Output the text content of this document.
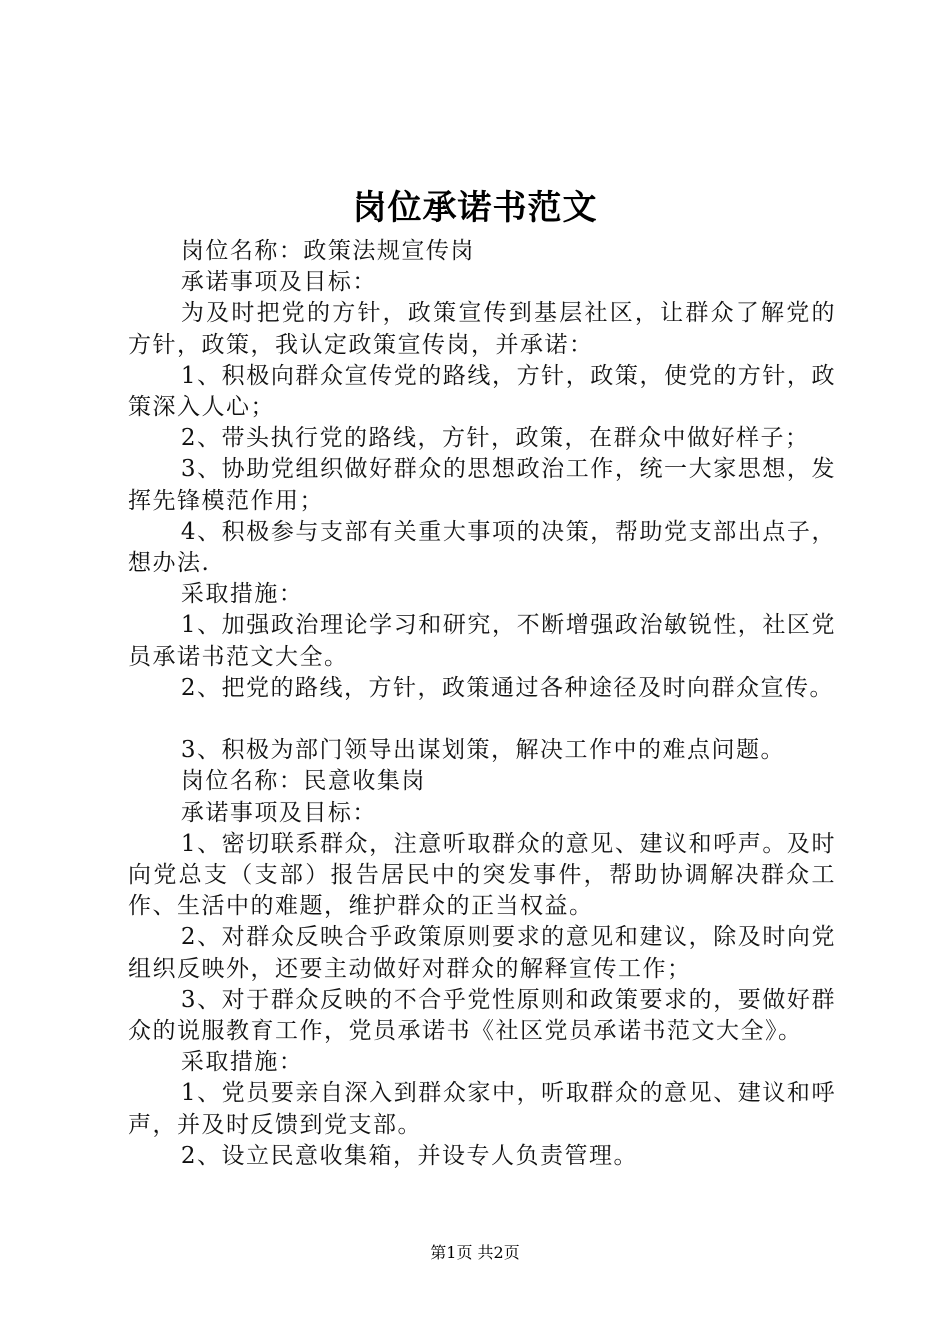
岗位承诺书范文

岗位名称：政策法规宣传岗

承诺事项及目标：

为及时把党的方针，政策宣传到基层社区，让群众了解党的方针，政策，我认定政策宣传岗，并承诺：

1、积极向群众宣传党的路线，方针，政策，使党的方针，政策深入人心；

2、带头执行党的路线，方针，政策，在群众中做好样子；

3、协助党组织做好群众的思想政治工作，统一大家思想，发挥先锋模范作用；

4、积极参与支部有关重大事项的决策，帮助党支部出点子，想办法.

采取措施：

1、加强政治理论学习和研究，不断增强政治敏锐性，社区党员承诺书范文大全。

2、把党的路线，方针，政策通过各种途径及时向群众宣传。

3、积极为部门领导出谋划策，解决工作中的难点问题。

岗位名称：民意收集岗

承诺事项及目标：

1、密切联系群众，注意听取群众的意见、建议和呼声。及时向党总支（支部）报告居民中的突发事件，帮助协调解决群众工作、生活中的难题，维护群众的正当权益。

2、对群众反映合乎政策原则要求的意见和建议，除及时向党组织反映外，还要主动做好对群众的解释宣传工作；

3、对于群众反映的不合乎党性原则和政策要求的，要做好群众的说服教育工作，党员承诺书《社区党员承诺书范文大全》。

采取措施：

1、党员要亲自深入到群众家中，听取群众的意见、建议和呼声，并及时反馈到党支部。

2、设立民意收集箱，并设专人负责管理。

第1页 共2页
